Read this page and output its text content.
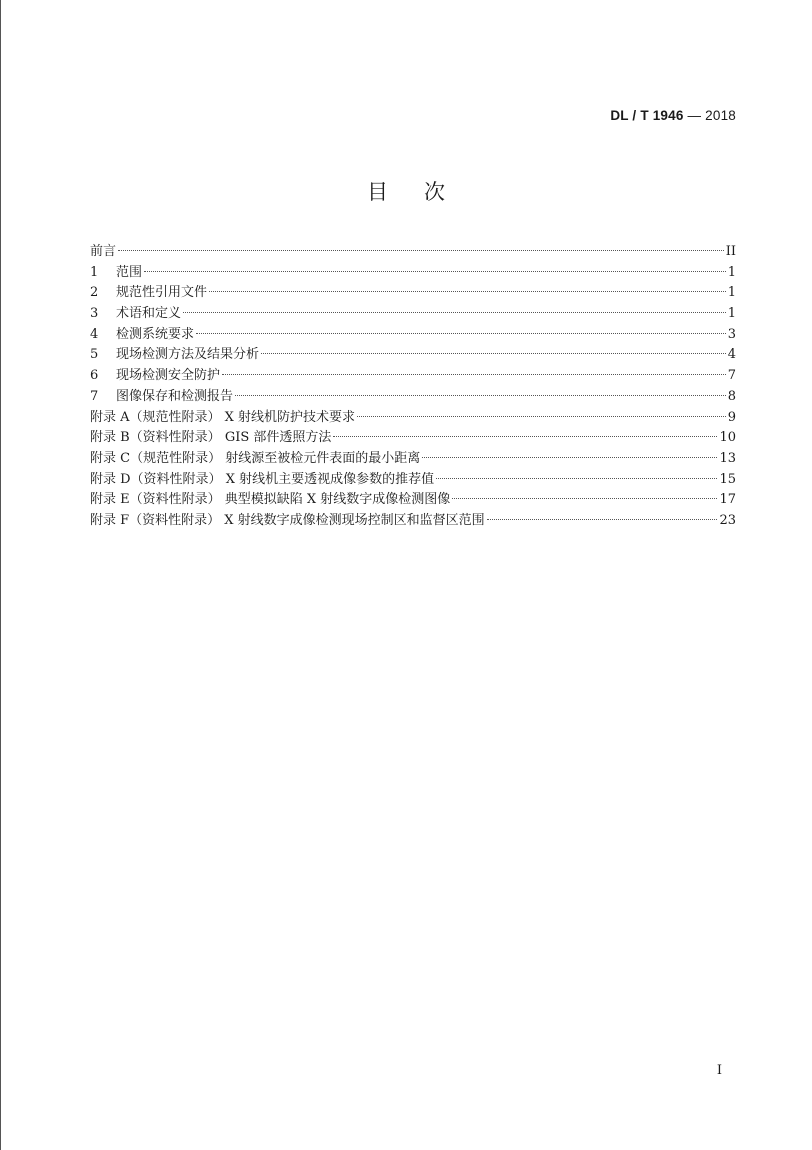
DL / T 1946 — 2018
目次
前言	II
1 范围	1
2 规范性引用文件	1
3 术语和定义	1
4 检测系统要求	3
5 现场检测方法及结果分析	4
6 现场检测安全防护	7
7 图像保存和检测报告	8
附录 A（规范性附录） X 射线机防护技术要求	9
附录 B（资料性附录） GIS 部件透照方法	10
附录 C（规范性附录） 射线源至被检元件表面的最小距离	13
附录 D（资料性附录） X 射线机主要透视成像参数的推荐值	15
附录 E（资料性附录） 典型模拟缺陷 X 射线数字成像检测图像	17
附录 F（资料性附录） X 射线数字成像检测现场控制区和监督区范围	23
I
